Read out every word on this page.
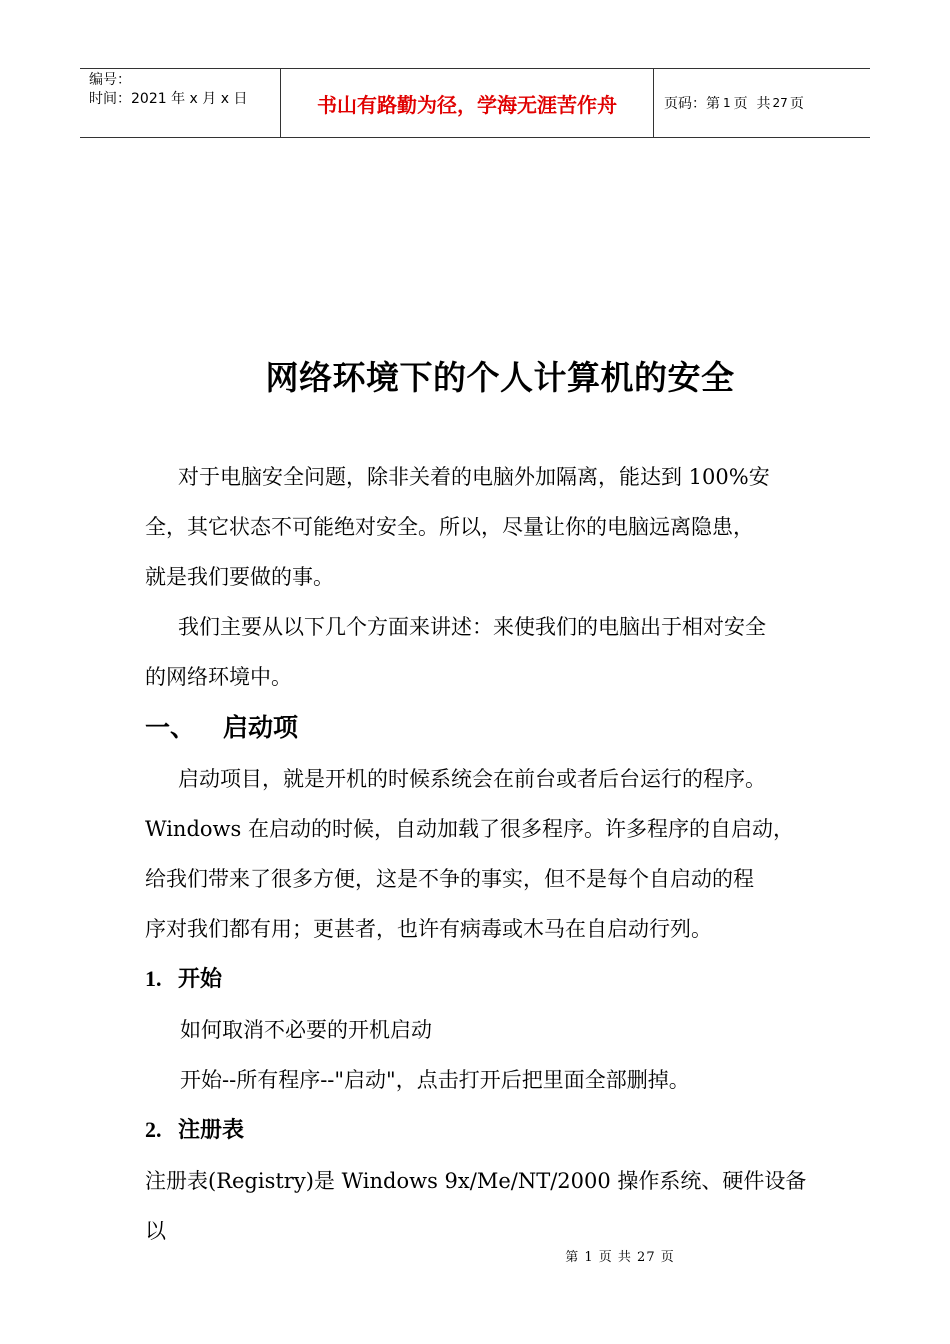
编号：
时间：2021 年 x 月 x 日	书山有路勤为径，学海无涯苦作舟	页码：第 1 页  共 27 页
网络环境下的个人计算机的安全

对于电脑安全问题，除非关着的电脑外加隔离，能达到 100%安

全，其它状态不可能绝对安全。所以，尽量让你的电脑远离隐患，

就是我们要做的事。

我们主要从以下几个方面来讲述：来使我们的电脑出于相对安全

的网络环境中。

一、 启动项

启动项目，就是开机的时候系统会在前台或者后台运行的程序。

Windows 在启动的时候，自动加载了很多程序。许多程序的自启动，

给我们带来了很多方便，这是不争的事实，但不是每个自启动的程

序对我们都有用；更甚者，也许有病毒或木马在自启动行列。

1. 开始

如何取消不必要的开机启动

开始--所有程序--"启动"，点击打开后把里面全部删掉。

2. 注册表

注册表(Registry)是 Windows 9x/Me/NT/2000 操作系统、硬件设备以

第 1 页 共 27 页
